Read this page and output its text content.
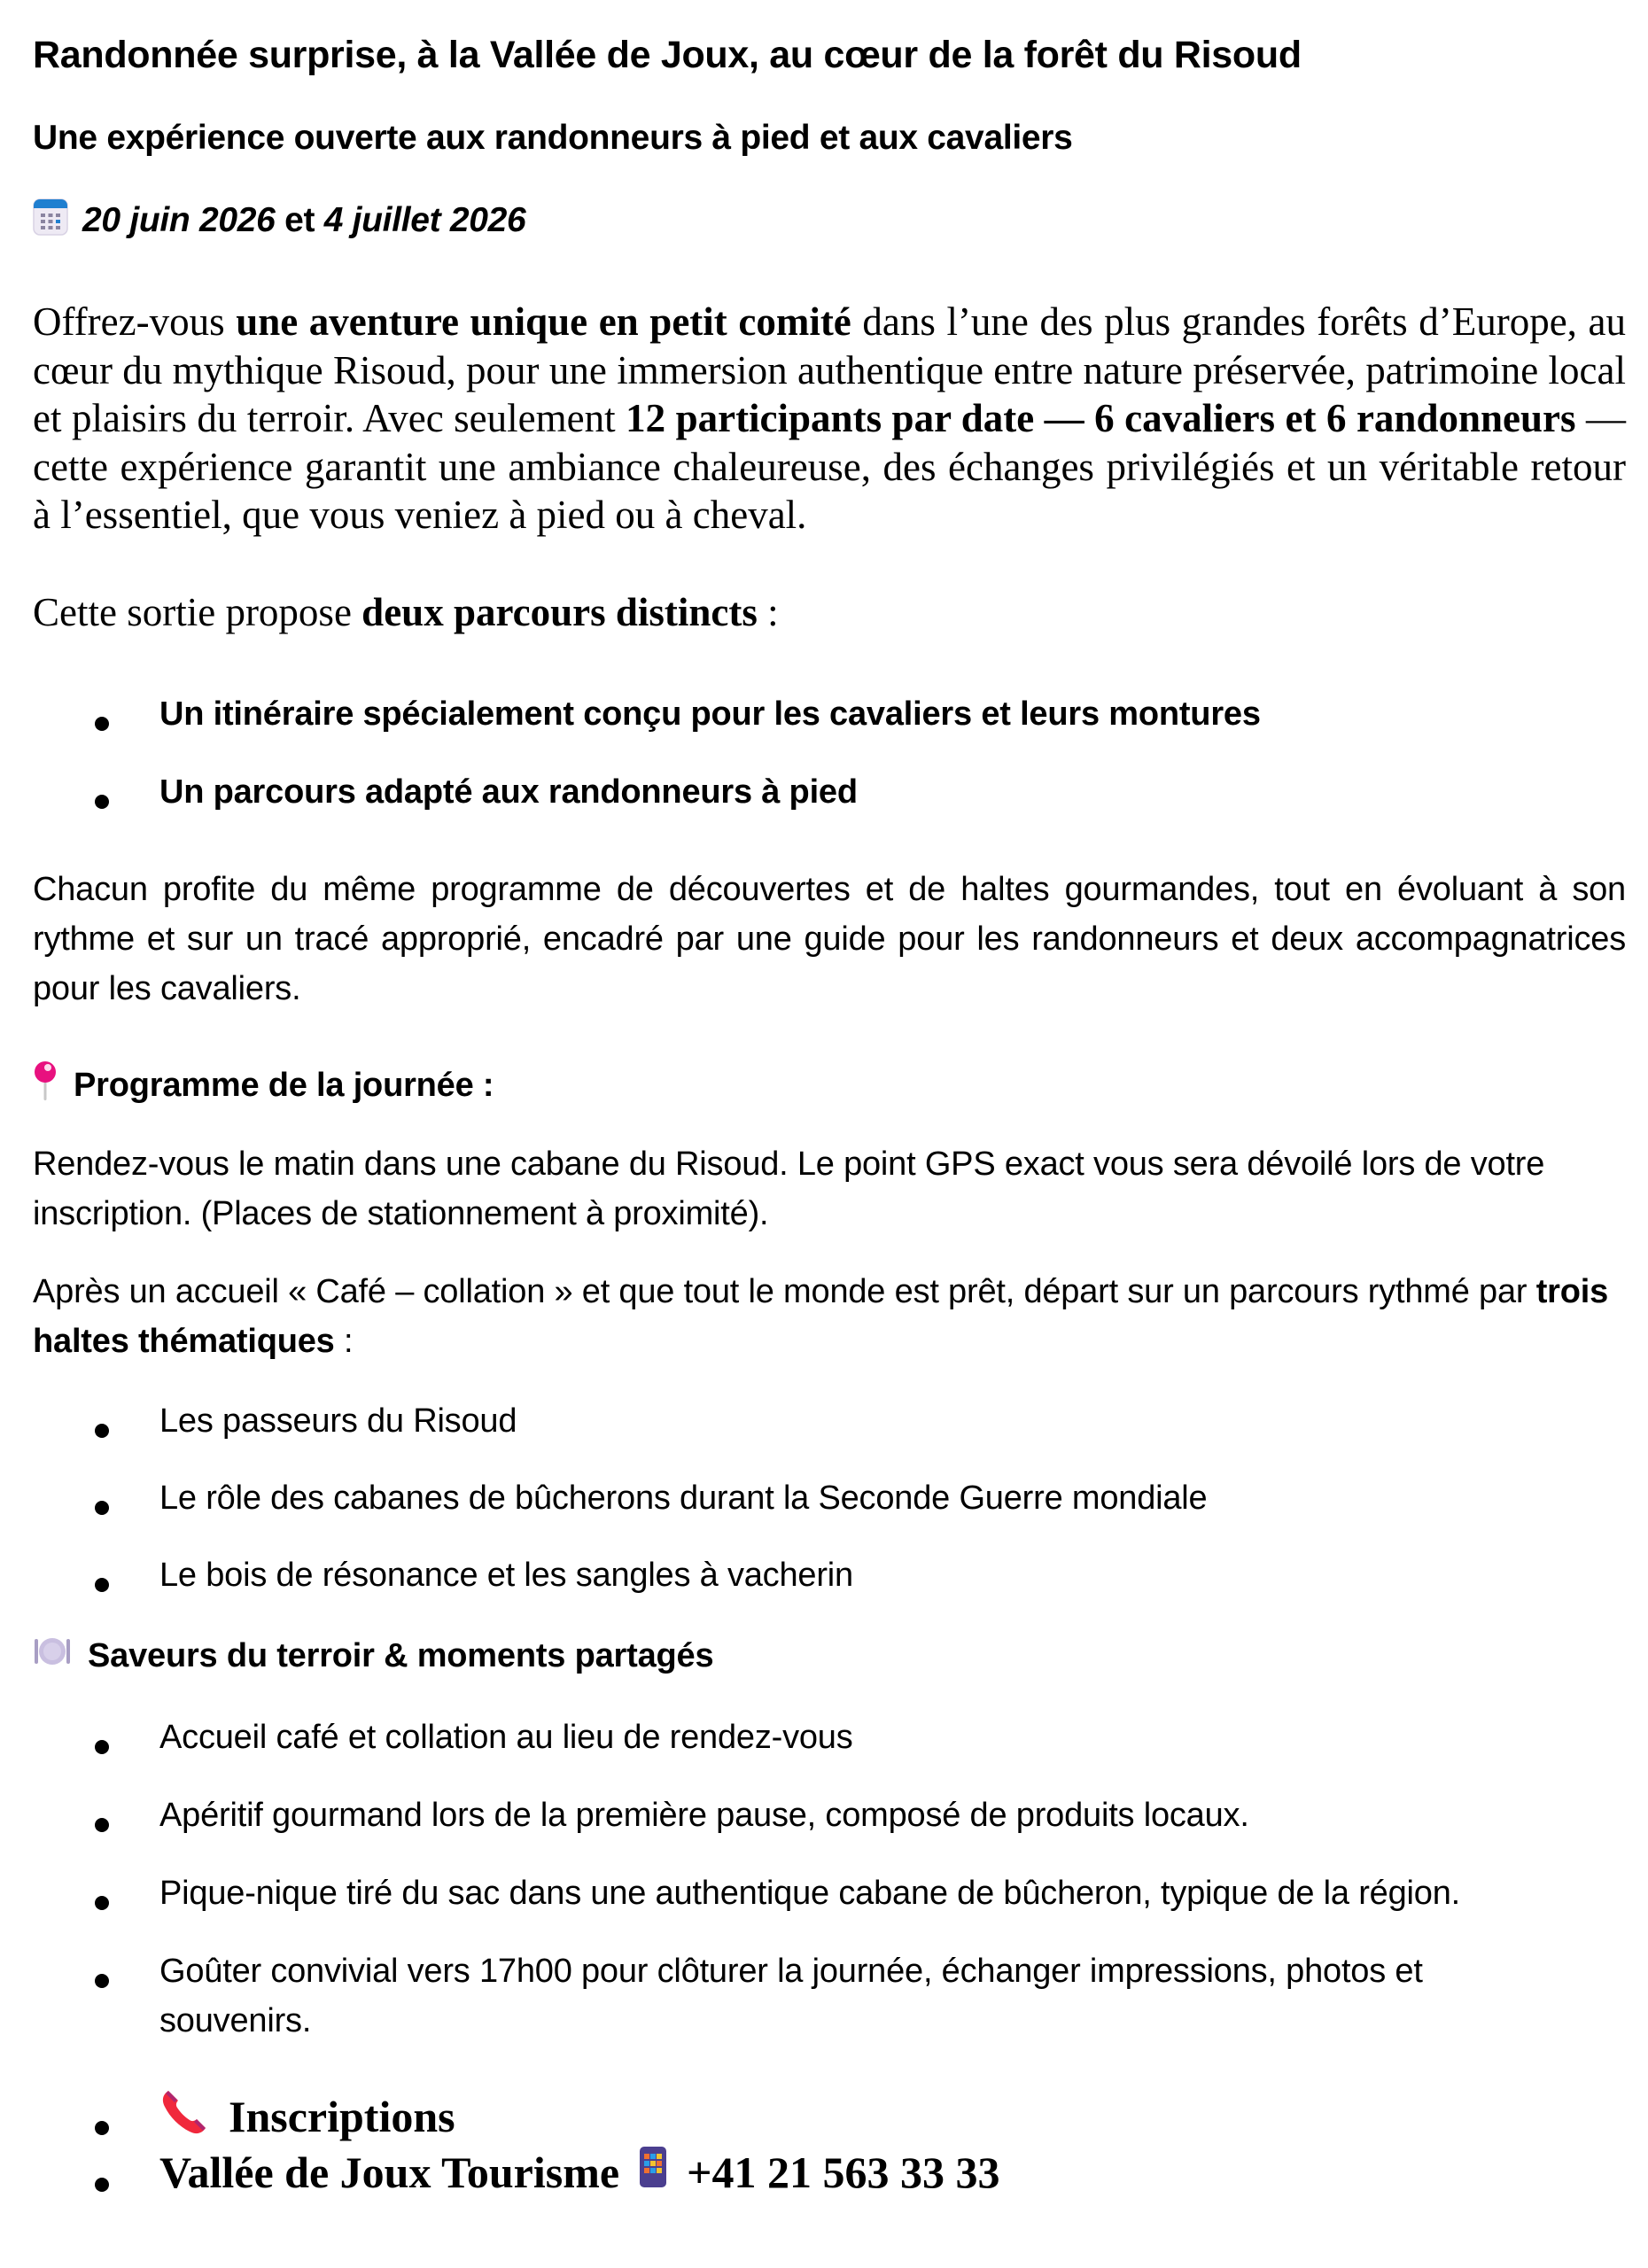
Randonnée surprise, à la Vallée de Joux, au cœur de la forêt du Risoud
Une expérience ouverte aux randonneurs à pied et aux cavaliers
20 juin 2026 et 4 juillet 2026
Offrez-vous une aventure unique en petit comité dans l’une des plus grandes forêts d’Europe, au cœur du mythique Risoud, pour une immersion authentique entre nature préservée, patrimoine local et plaisirs du terroir. Avec seulement 12 participants par date — 6 cavaliers et 6 randonneurs — cette expérience garantit une ambiance chaleureuse, des échanges privilégiés et un véritable retour à l’essentiel, que vous veniez à pied ou à cheval.
Cette sortie propose deux parcours distincts :
Un itinéraire spécialement conçu pour les cavaliers et leurs montures
Un parcours adapté aux randonneurs à pied
Chacun profite du même programme de découvertes et de haltes gourmandes, tout en évoluant à son rythme et sur un tracé approprié, encadré par une guide pour les randonneurs et deux accompagnatrices pour les cavaliers.
Programme de la journée :
Rendez-vous le matin dans une cabane du Risoud. Le point GPS exact vous sera dévoilé lors de votre inscription. (Places de stationnement à proximité).
Après un accueil « Café – collation » et que tout le monde est prêt, départ sur un parcours rythmé par trois haltes thématiques :
Les passeurs du Risoud
Le rôle des cabanes de bûcherons durant la Seconde Guerre mondiale
Le bois de résonance et les sangles à vacherin
Saveurs du terroir & moments partagés
Accueil café et collation au lieu de rendez-vous
Apéritif gourmand lors de la première pause, composé de produits locaux.
Pique-nique tiré du sac dans une authentique cabane de bûcheron, typique de la région.
Goûter convivial vers 17h00 pour clôturer la journée, échanger impressions, photos et
souvenirs.
Inscriptions
Vallée de Joux Tourisme +41 21 563 33 33
